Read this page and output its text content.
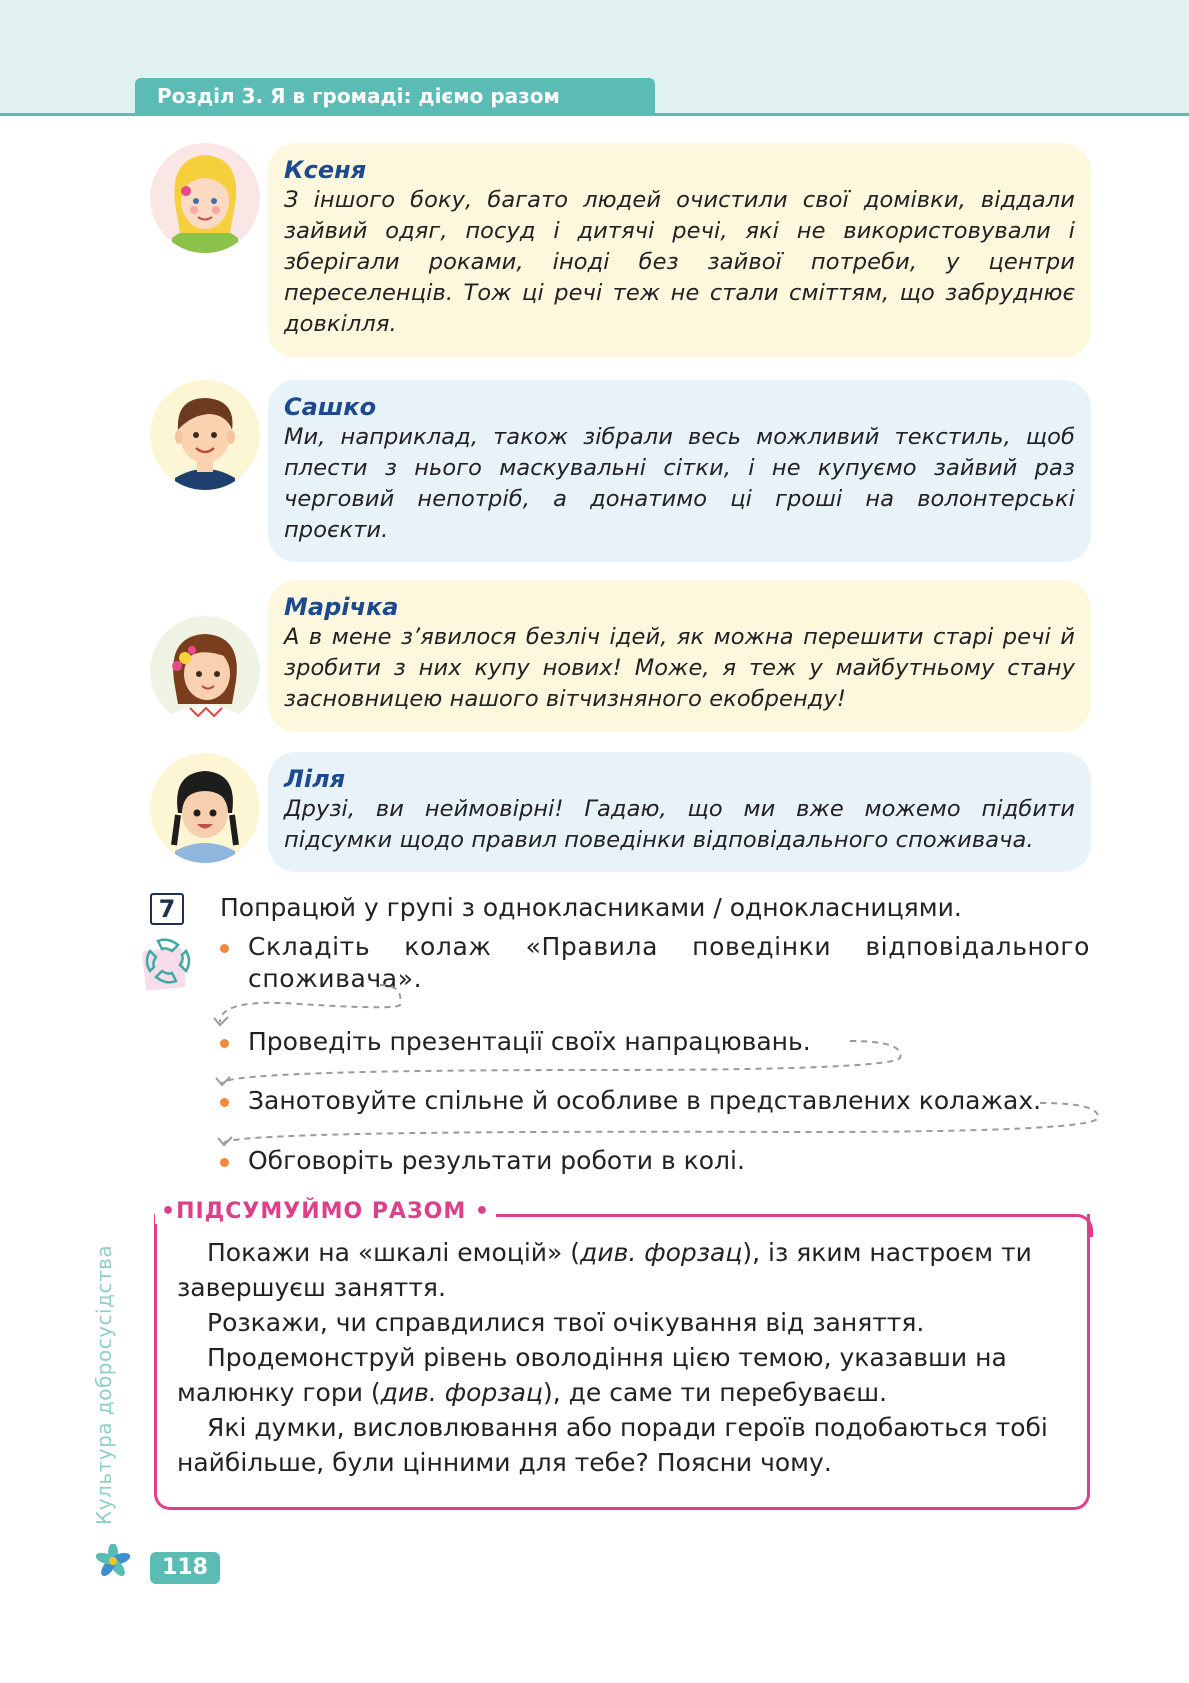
Розділ 3. Я в громаді: діємо разом
Ксеня
З іншого боку, багато людей очистили свої домівки, віддали зайвий одяг, посуд і дитячі речі, які не використовували і зберігали роками, іноді без зайвої потреби, у центри переселенців. Тож ці речі теж не стали сміттям, що забруднює довкілля.
Сашко
Ми, наприклад, також зібрали весь можливий текстиль, щоб плести з нього маскувальні сітки, і не купуємо зайвий раз черговий непотріб, а донатимо ці гроші на волонтерські проєкти.
Марічка
А в мене з’явилося безліч ідей, як можна перешити старі речі й зробити з них купу нових! Може, я теж у майбутньому стану засновницею нашого вітчизняного екобренду!
Ліля
Друзі, ви неймовірні! Гадаю, що ми вже можемо підбити підсумки щодо правил поведінки відповідального споживача.
7	Попрацюй у групі з однокласниками / однокласницями.
Складіть колаж «Правила поведінки відповідального споживача».
Проведіть презентації своїх напрацювань.
Занотовуйте спільне й особливе в представлених колажах.
Обговоріть результати роботи в колі.
•ПІДСУМУЙМО РАЗОМ •

Покажи на «шкалі емоцій» (див. форзац), із яким настроєм ти завершуєш заняття.

Розкажи, чи справдилися твої очікування від заняття.

Продемонструй рівень оволодіння цією темою, указавши на малюнку гори (див. форзац), де саме ти перебуваєш.

Які думки, висловлювання або поради героїв подобаються тобі найбільше, були цінними для тебе? Поясни чому.

Культура добросусідства
118
